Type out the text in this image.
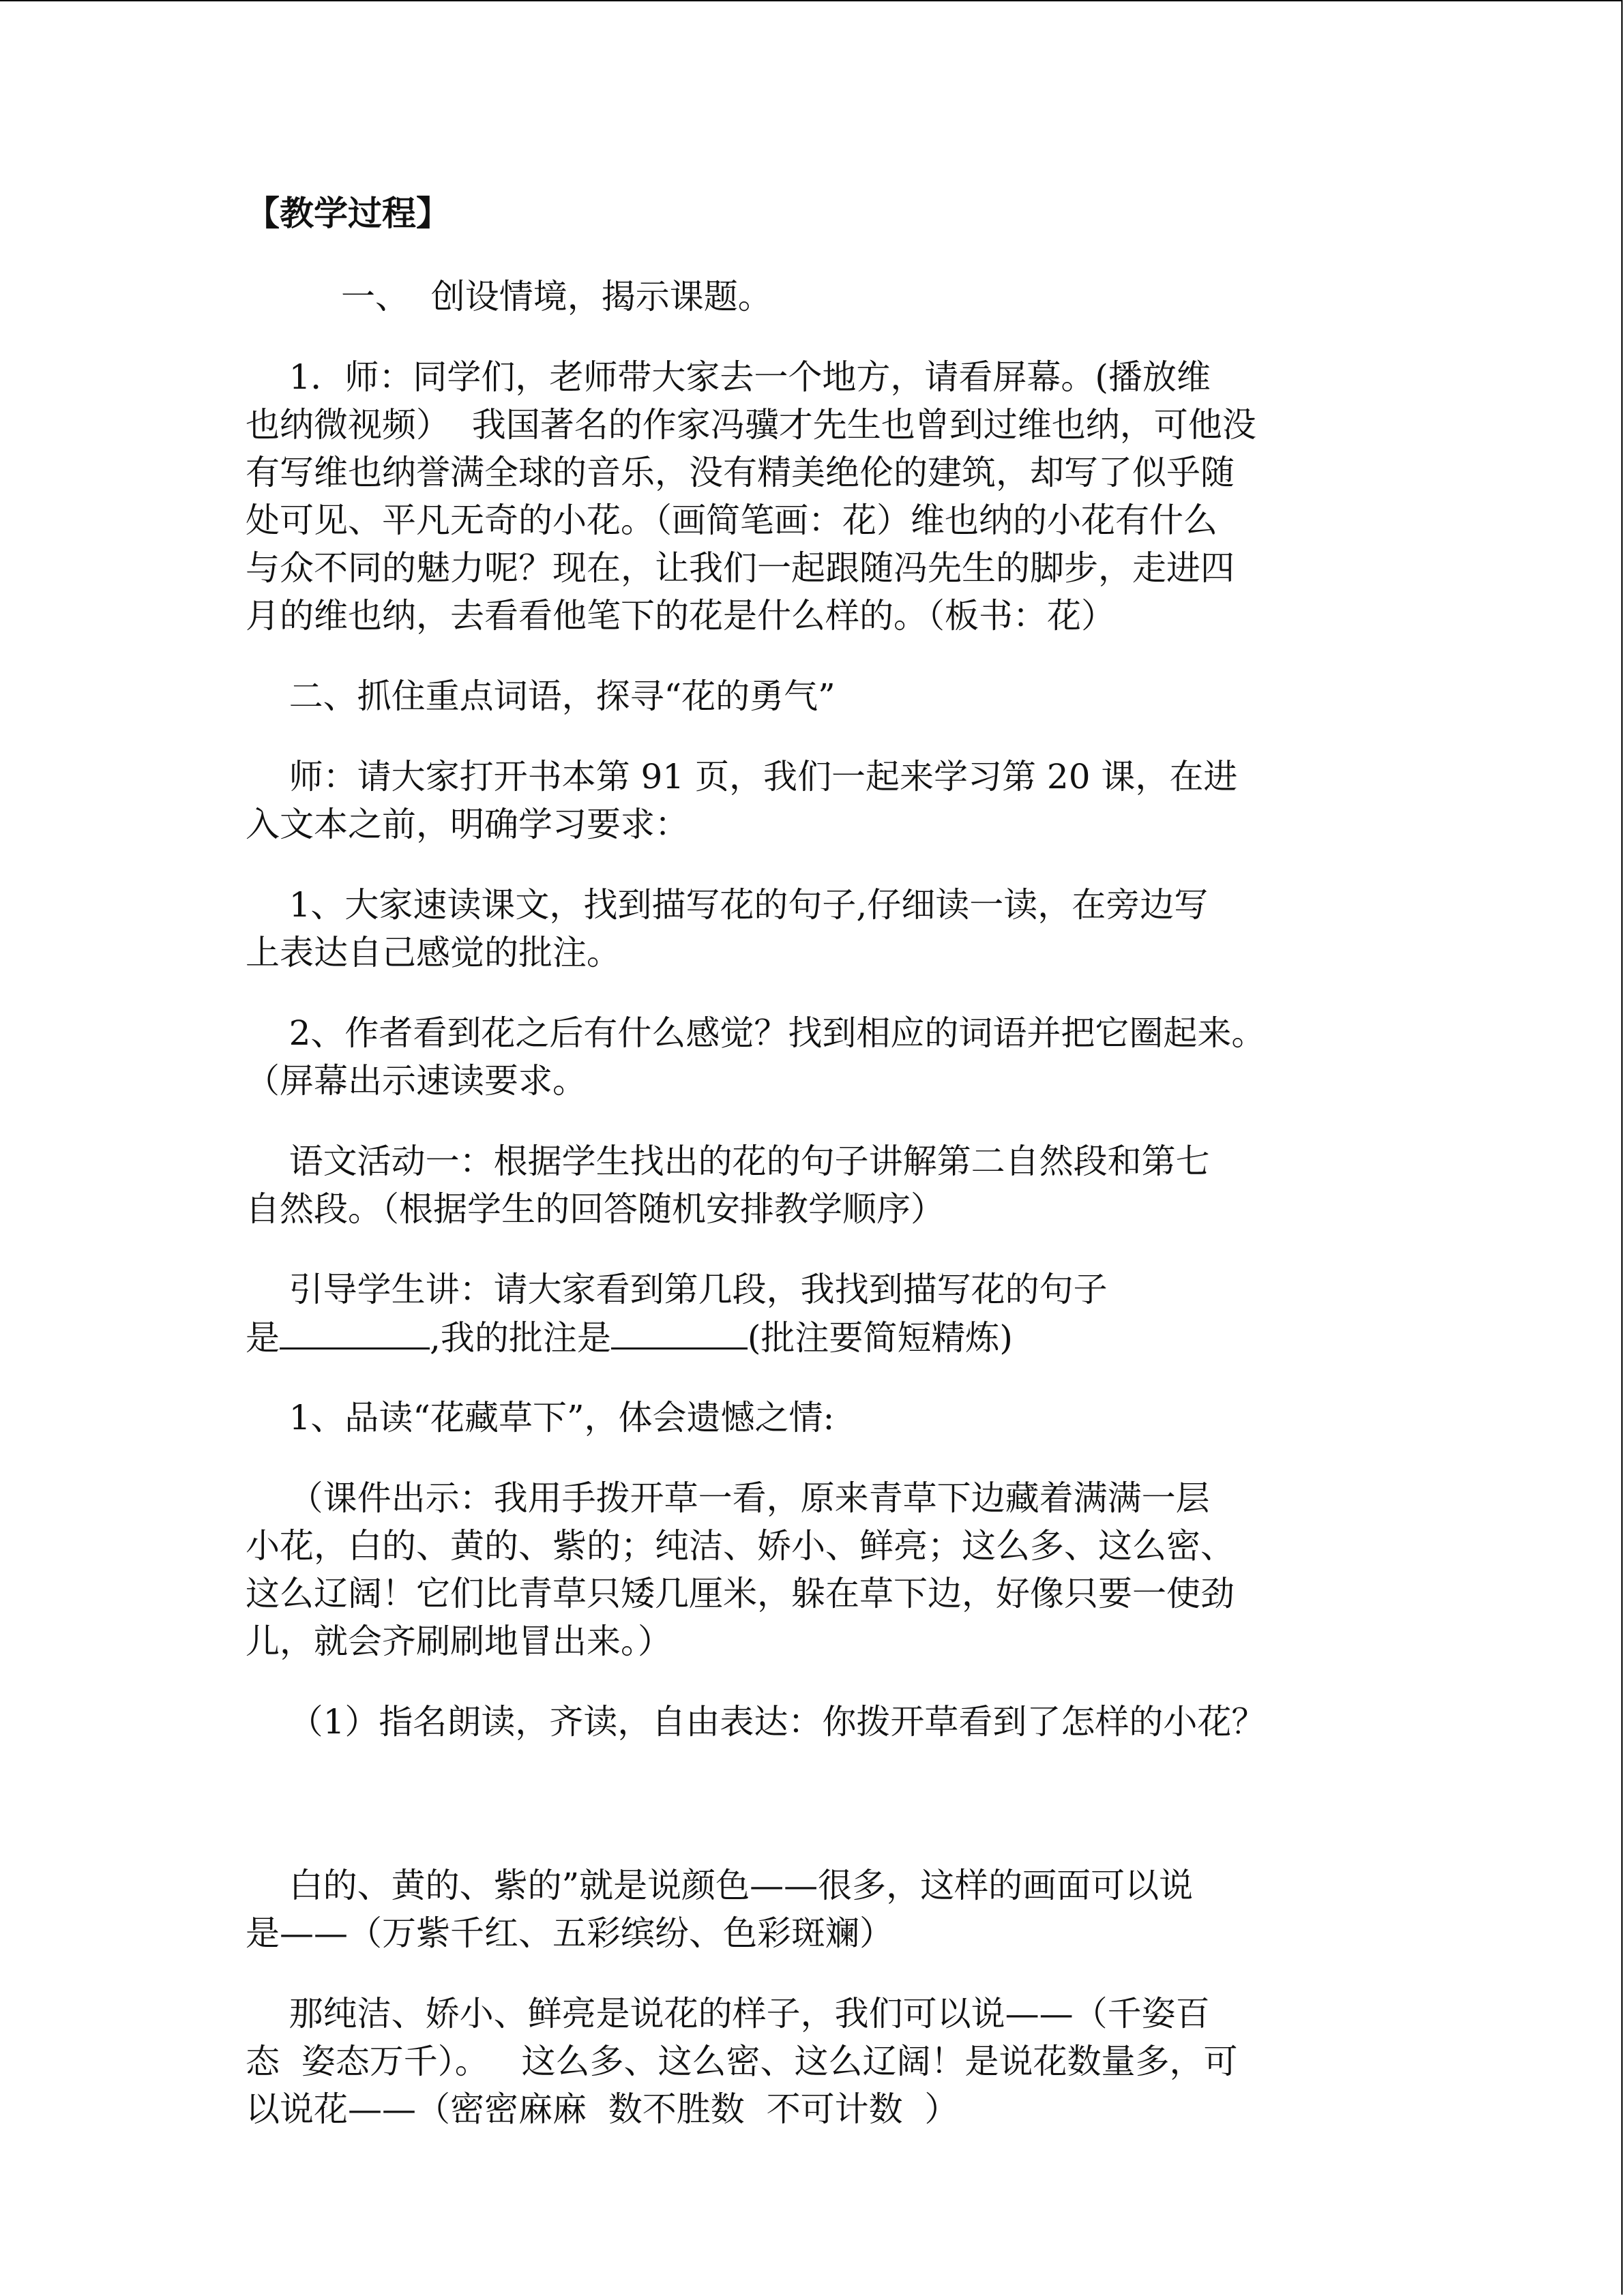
【教学过程】
一、  创设情境，揭示课题。
1．师：同学们，老师带大家去一个地方，请看屏幕。(播放维
也纳微视频）  我国著名的作家冯骥才先生也曾到过维也纳，可他没
有写维也纳誉满全球的音乐，没有精美绝伦的建筑，却写了似乎随
处可见、平凡无奇的小花。（画简笔画：花）维也纳的小花有什么
与众不同的魅力呢？现在，让我们一起跟随冯先生的脚步，走进四
月的维也纳，去看看他笔下的花是什么样的。（板书：花）
二、抓住重点词语，探寻“花的勇气”
师：请大家打开书本第 91 页，我们一起来学习第 20 课，在进
入文本之前，明确学习要求：
1、大家速读课文，找到描写花的句子,仔细读一读，在旁边写
上表达自己感觉的批注。
2、作者看到花之后有什么感觉？找到相应的词语并把它圈起来。
（屏幕出示速读要求。
语文活动一：根据学生找出的花的句子讲解第二自然段和第七
自然段。（根据学生的回答随机安排教学顺序）
引导学生讲：请大家看到第几段，我找到描写花的句子
是	,我的批注是	(批注要简短精炼)
1、品读“花藏草下”，体会遗憾之情:
（课件出示：我用手拨开草一看，原来青草下边藏着满满一层
小花，白的、黄的、紫的；纯洁、娇小、鲜亮；这么多、这么密、
这么辽阔！它们比青草只矮几厘米，躲在草下边，好像只要一使劲
儿，就会齐刷刷地冒出来。）
（1）指名朗读，齐读，自由表达：你拨开草看到了怎样的小花？
白的、黄的、紫的”就是说颜色——很多，这样的画面可以说
是——（万紫千红、五彩缤纷、色彩斑斓）
那纯洁、娇小、鲜亮是说花的样子，我们可以说——（千姿百
态  姿态万千）。   这么多、这么密、这么辽阔！是说花数量多，可
以说花——（密密麻麻  数不胜数  不可计数  ）
